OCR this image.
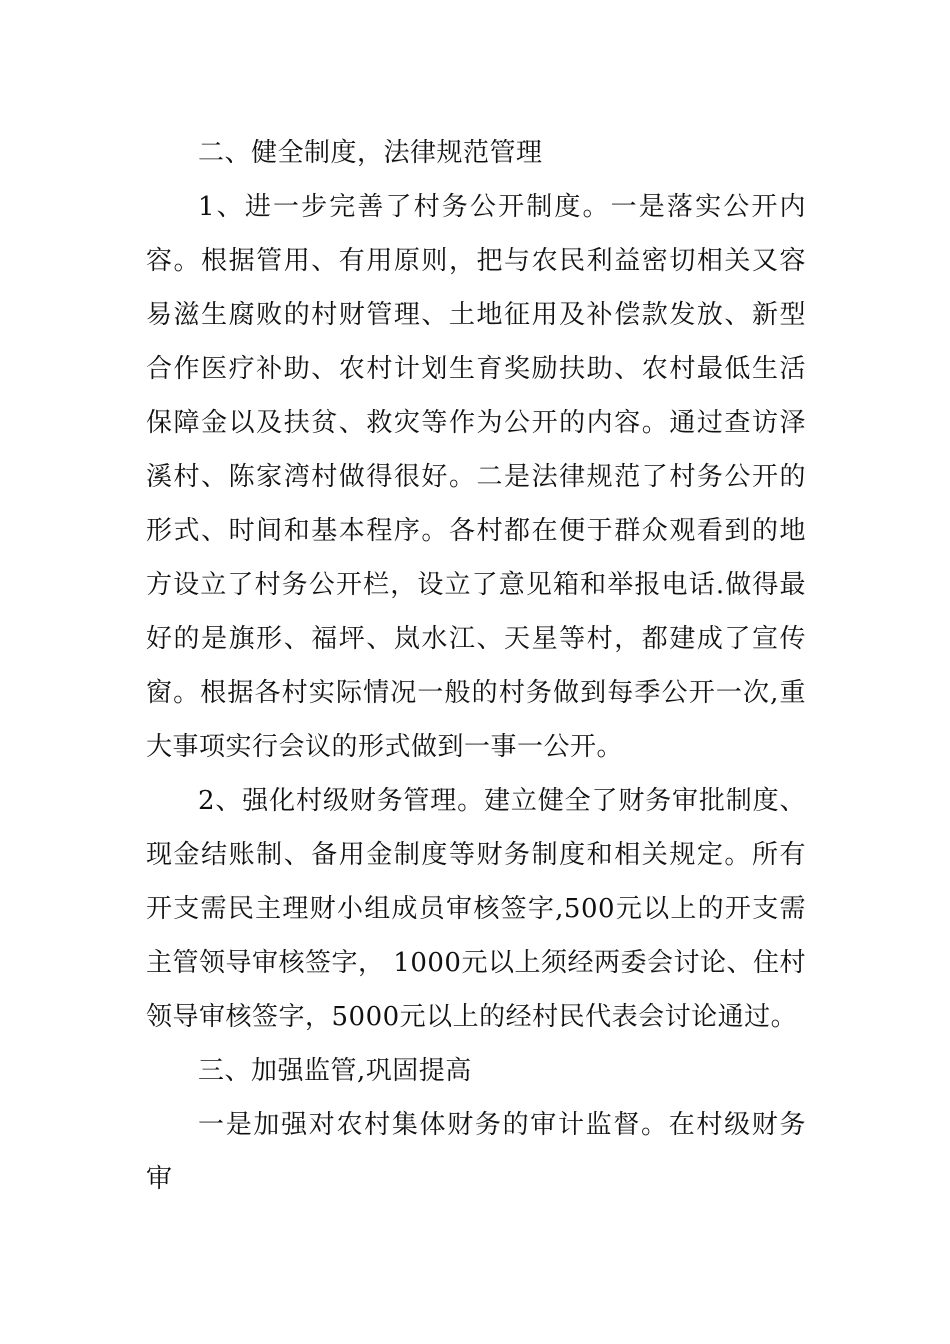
二、健全制度，法律规范管理

1、进一步完善了村务公开制度。一是落实公开内容。根据管用、有用原则，把与农民利益密切相关又容易滋生腐败的村财管理、土地征用及补偿款发放、新型合作医疗补助、农村计划生育奖励扶助、农村最低生活保障金以及扶贫、救灾等作为公开的内容。通过查访泽溪村、陈家湾村做得很好。二是法律规范了村务公开的形式、时间和基本程序。各村都在便于群众观看到的地方设立了村务公开栏，设立了意见箱和举报电话.做得最好的是旗形、福坪、岚水江、天星等村，都建成了宣传窗。根据各村实际情况一般的村务做到每季公开一次,重大事项实行会议的形式做到一事一公开。

2、强化村级财务管理。建立健全了财务审批制度、现金结账制、备用金制度等财务制度和相关规定。所有开支需民主理财小组成员审核签字,500元以上的开支需主管领导审核签字， 1000元以上须经两委会讨论、住村领导审核签字，5000元以上的经村民代表会讨论通过。

三、加强监管,巩固提高

一是加强对农村集体财务的审计监督。在村级财务审
